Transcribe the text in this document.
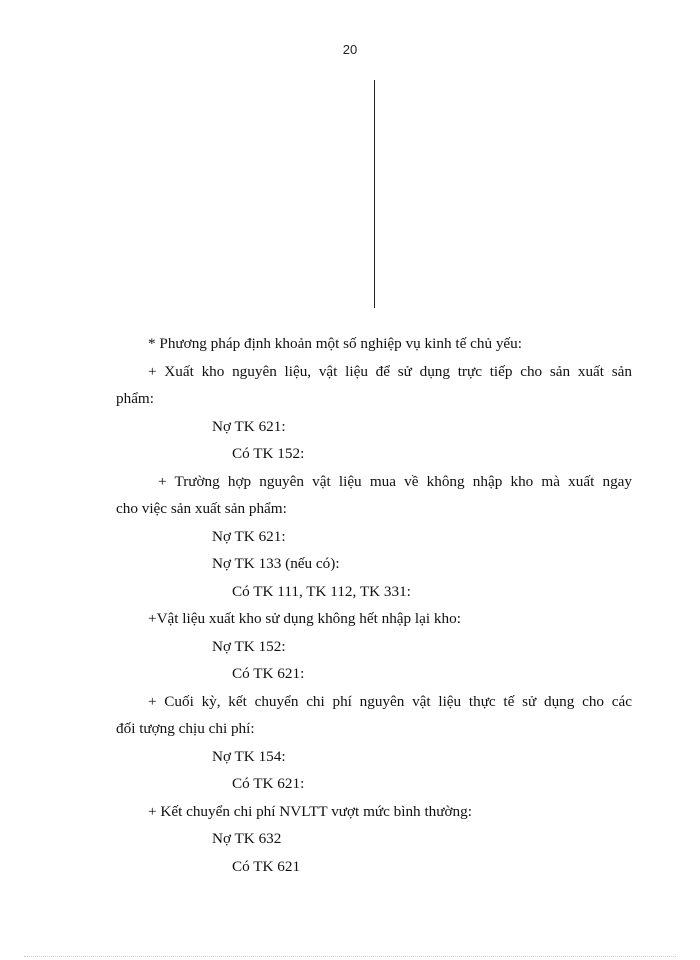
20
* Phương pháp định khoản một số nghiệp vụ kinh tế chủ yếu:
+ Xuất kho nguyên liệu, vật liệu để sử dụng trực tiếp cho sản xuất sản
phẩm:
Nợ TK 621:
Có TK 152:
+ Trường hợp nguyên vật liệu mua về không nhập kho mà xuất ngay
cho việc sản xuất sản phẩm:
Nợ TK 621:
Nợ TK 133 (nếu có):
Có TK 111, TK 112, TK 331:
+Vật liệu xuất kho sử dụng không hết nhập lại kho:
Nợ TK 152:
Có TK 621:
+ Cuối kỳ, kết chuyển chi phí nguyên vật liệu thực tế sử dụng cho các
đối tượng chịu chi phí:
Nợ TK 154:
Có TK 621:
+ Kết chuyển chi phí NVLTT vượt mức bình thường:
Nợ TK 632
Có TK 621
